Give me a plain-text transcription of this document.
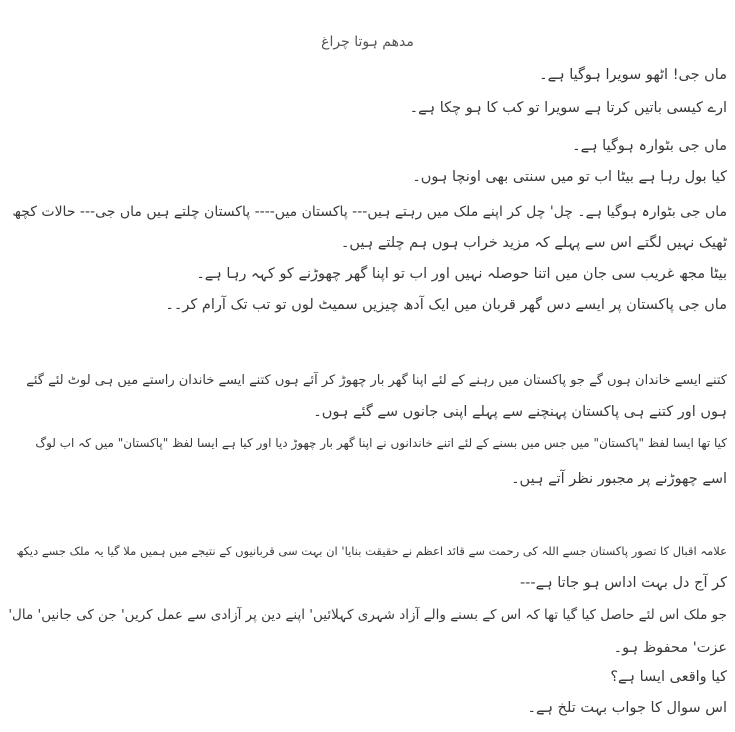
مدھم ہوتا چراغ
ماں جی! اٹھو سویرا ہوگیا ہے۔
ارے کیسی باتیں کرتا ہے سویرا تو کب کا ہو چکا ہے۔
ماں جی بٹوارہ ہوگیا ہے۔
کیا بول رہا ہے بیٹا اب تو میں سنتی بھی اونچا ہوں۔
ماں جی بٹوارہ ہوگیا ہے۔ چل' چل کر اپنے ملک میں رہتے ہیں--- پاکستان میں---- پاکستان چلتے ہیں ماں جی--- حالات کچھ
ٹھیک نہیں لگتے اس سے پہلے کہ مزید خراب ہوں ہم چلتے ہیں۔
بیٹا مجھ غریب سی جان میں اتنا حوصلہ نہیں اور اب تو اپنا گھر چھوڑنے کو کہہ رہا ہے۔
ماں جی پاکستان پر ایسے دس گھر قربان میں ایک آدھ چیزیں سمیٹ لوں تو تب تک آرام کر۔۔
کتنے ایسے خاندان ہوں گے جو پاکستان میں رہنے کے لئے اپنا گھر بار چھوڑ کر آئے ہوں کتنے ایسے خاندان راستے میں ہی لوٹ لئے گئے
ہوں اور کتنے ہی پاکستان پہنچنے سے پہلے اپنی جانوں سے گئے ہوں۔
کیا تھا ایسا لفظ "پاکستان" میں جس میں بسنے کے لئے اتنے خاندانوں نے اپنا گھر بار چھوڑ دیا اور کیا ہے ایسا لفظ "پاکستان" میں کہ اب لوگ
اسے چھوڑنے پر مجبور نظر آتے ہیں۔
علامہ اقبال کا تصور پاکستان جسے اللہ کی رحمت سے قائد اعظم نے حقیقت بنایا' ان بہت سی قربانیوں کے نتیجے میں ہمیں ملا گیا یہ ملک جسے دیکھ
کر آج دل بہت اداس ہو جاتا ہے---
جو ملک اس لئے حاصل کیا گیا تھا کہ اس کے بسنے والے آزاد شہری کہلائیں' اپنے دین پر آزادی سے عمل کریں' جن کی جانیں' مال'
عزت' محفوظ ہو۔
کیا واقعی ایسا ہے؟
اس سوال کا جواب بہت تلخ ہے۔
